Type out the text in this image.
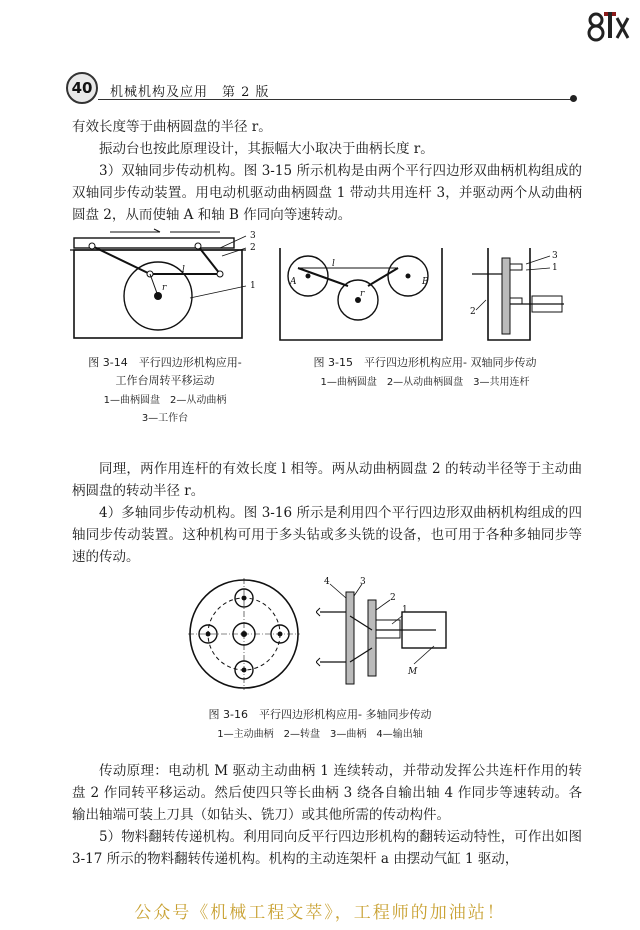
40	机械机构及应用　第 2 版
有效长度等于曲柄圆盘的半径 r。
振动台也按此原理设计，其振幅大小取决于曲柄长度 r。
3）双轴同步传动机构。图 3-15 所示机构是由两个平行四边形双曲柄机构组成的双轴同步传动装置。用电动机驱动曲柄圆盘 1 带动共用连杆 3，并驱动两个从动曲柄圆盘 2，从而使轴 A 和轴 B 作同向等速转动。
3
2
1
l
r
图 3-14　平行四边形机构应用-
工作台周转平移运动
1—曲柄圆盘　2—从动曲柄
3—工作台
A	B
l
r
3
1
2
图 3-15　平行四边形机构应用- 双轴同步传动
1—曲柄圆盘　2—从动曲柄圆盘　3—共用连杆
同理，两作用连杆的有效长度 l 相等。两从动曲柄圆盘 2 的转动半径等于主动曲柄圆盘的转动半径 r。
4）多轴同步传动机构。图 3-16 所示是利用四个平行四边形双曲柄机构组成的四轴同步传动装置。这种机构可用于多头钻或多头铣的设备，也可用于各种多轴同步等速的传动。
4	3
2
1
M
图 3-16　平行四边形机构应用- 多轴同步传动
1—主动曲柄　2—转盘　3—曲柄　4—输出轴
传动原理：电动机 M 驱动主动曲柄 1 连续转动，并带动发挥公共连杆作用的转盘 2 作同转平移运动。然后使四只等长曲柄 3 绕各自输出轴 4 作同步等速转动。各输出轴端可装上刀具（如钻头、铣刀）或其他所需的传动构件。
5）物料翻转传递机构。利用同向反平行四边形机构的翻转运动特性，可作出如图 3-17 所示的物料翻转传递机构。机构的主动连架杆 a 由摆动气缸 1 驱动，
公众号《机械工程文萃》，工程师的加油站！
